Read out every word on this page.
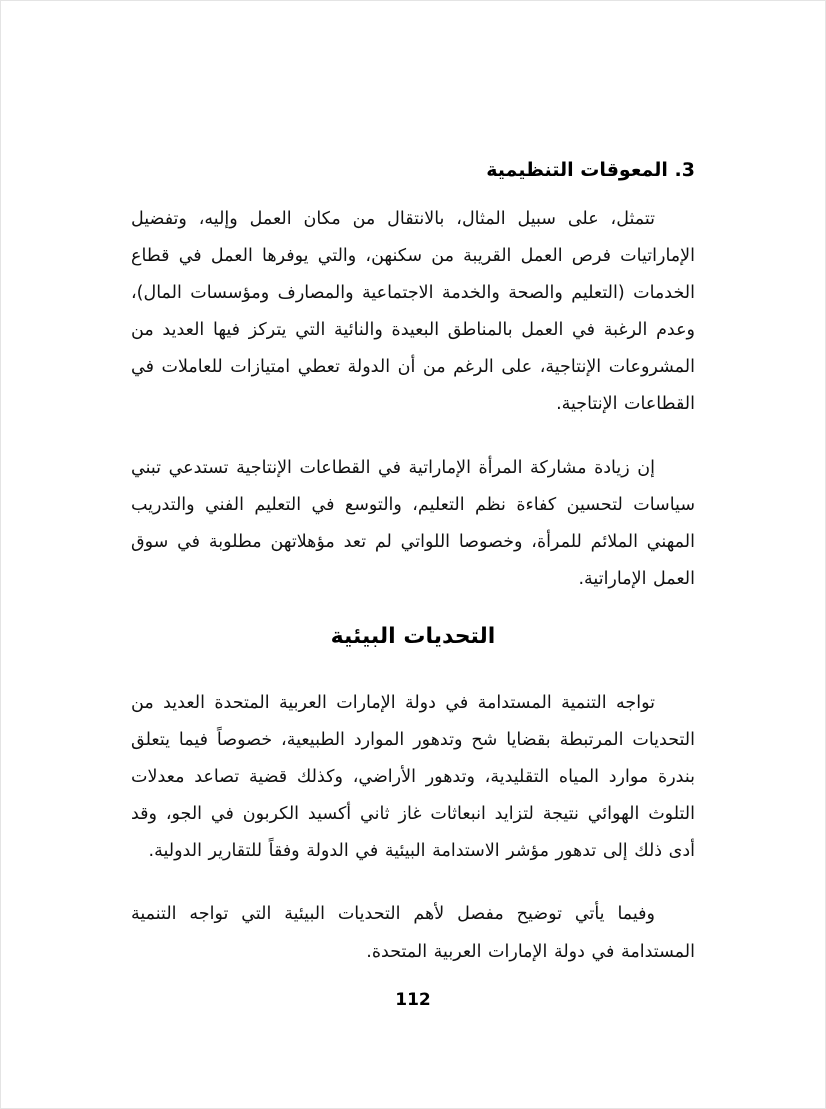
3. المعوقات التنظيمية

تتمثل، على سبيل المثال، بالانتقال من مكان العمل وإليه، وتفضيل الإماراتيات فرص العمل القريبة من سكنهن، والتي يوفرها العمل في قطاع الخدمات (التعليم والصحة والخدمة الاجتماعية والمصارف ومؤسسات المال)، وعدم الرغبة في العمل بالمناطق البعيدة والنائية التي يتركز فيها العديد من المشروعات الإنتاجية، على الرغم من أن الدولة تعطي امتيازات للعاملات في القطاعات الإنتاجية.

إن زيادة مشاركة المرأة الإماراتية في القطاعات الإنتاجية تستدعي تبني سياسات لتحسين كفاءة نظم التعليم، والتوسع في التعليم الفني والتدريب المهني الملائم للمرأة، وخصوصا اللواتي لم تعد مؤهلاتهن مطلوبة في سوق العمل الإماراتية.

التحديات البيئية

تواجه التنمية المستدامة في دولة الإمارات العربية المتحدة العديد من التحديات المرتبطة بقضايا شح وتدهور الموارد الطبيعية، خصوصاً فيما يتعلق بندرة موارد المياه التقليدية، وتدهور الأراضي، وكذلك قضية تصاعد معدلات التلوث الهوائي نتيجة لتزايد انبعاثات غاز ثاني أكسيد الكربون في الجو، وقد أدى ذلك إلى تدهور مؤشر الاستدامة البيئية في الدولة وفقاً للتقارير الدولية.

وفيما يأتي توضيح مفصل لأهم التحديات البيئية التي تواجه التنمية المستدامة في دولة الإمارات العربية المتحدة.

112
